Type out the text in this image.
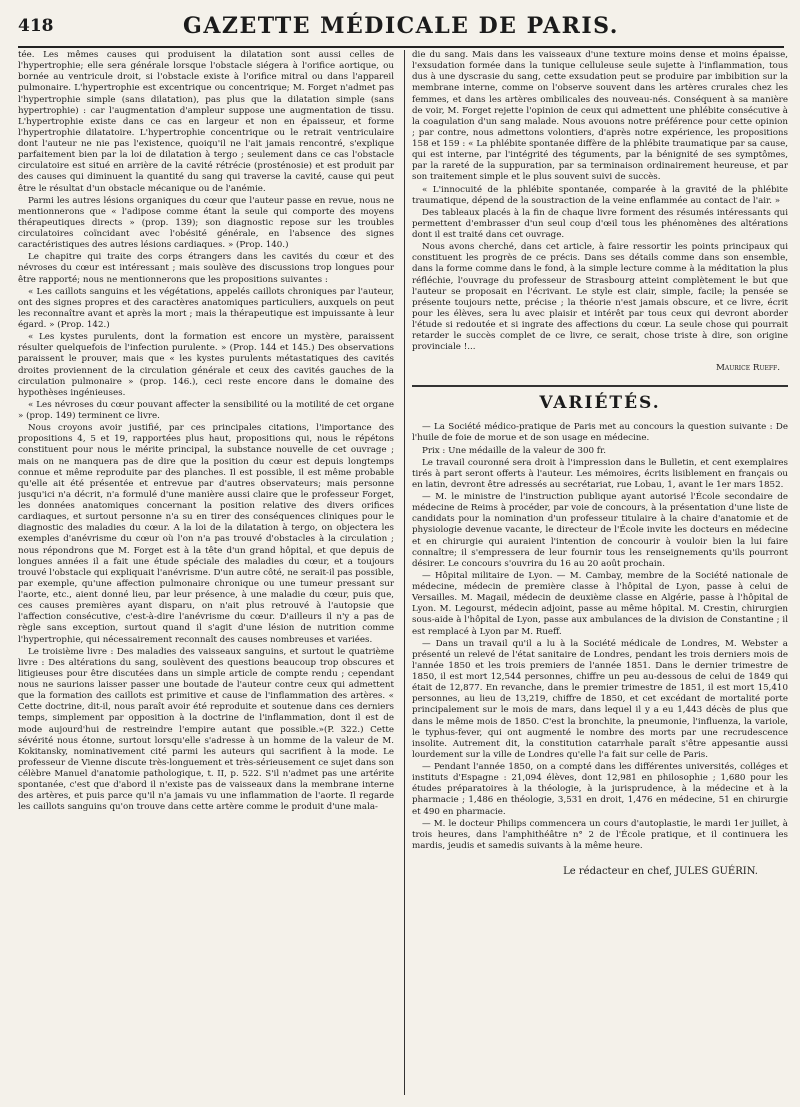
418	GAZETTE MÉDICALE DE PARIS.

tée. Les mêmes causes qui produisent la dilatation sont aussi celles de l'hypertrophie; elle sera générale lorsque l'obstacle siégera à l'orifice aortique, ou bornée au ventricule droit, si l'obstacle existe à l'orifice mitral ou dans l'appareil pulmonaire. L'hypertrophie est excentrique ou concentrique; M. Forget n'admet pas l'hypertrophie simple (sans dilatation), pas plus que la dilatation simple (sans hypertrophie) : car l'augmentation d'ampleur suppose une augmentation de tissu. L'hypertrophie existe dans ce cas en largeur et non en épaisseur, et forme l'hypertrophie dilatatoire. L'hypertrophie concentrique ou le retrait ventriculaire dont l'auteur ne nie pas l'existence, quoiqu'il ne l'ait jamais rencontré, s'explique parfaitement bien par la loi de dilatation à tergo ; seulement dans ce cas l'obstacle circulatoire est situé en arrière de la cavité rétrécie (prosténosie) et est produit par des causes qui diminuent la quantité du sang qui traverse la cavité, cause qui peut être le résultat d'un obstacle mécanique ou de l'anémie.

Parmi les autres lésions organiques du cœur que l'auteur passe en revue, nous ne mentionnerons que « l'adipose comme étant la seule qui comporte des moyens thérapeutiques directs » (prop. 139); son diagnostic repose sur les troubles circulatoires coïncidant avec l'obésité générale, en l'absence des signes caractéristiques des autres lésions cardiaques. » (Prop. 140.)

Le chapitre qui traite des corps étrangers dans les cavités du cœur et des névroses du cœur est intéressant ; mais soulève des discussions trop longues pour être rapporté; nous ne mentionnerons que les propositions suivantes :

« Les caillots sanguins et les végétations, appelés caillots chroniques par l'auteur, ont des signes propres et des caractères anatomiques particuliers, auxquels on peut les reconnaître avant et après la mort ; mais la thérapeutique est impuissante à leur égard. » (Prop. 142.)

« Les kystes purulents, dont la formation est encore un mystère, paraissent résulter quelquefois de l'infection purulente. » (Prop. 144 et 145.) Des observations paraissent le prouver, mais que « les kystes purulents métastatiques des cavités droites proviennent de la circulation générale et ceux des cavités gauches de la circulation pulmonaire » (prop. 146.), ceci reste encore dans le domaine des hypothèses ingénieuses.

« Les névroses du cœur pouvant affecter la sensibilité ou la motilité de cet organe » (prop. 149) terminent ce livre.

Nous croyons avoir justifié, par ces principales citations, l'importance des propositions 4, 5 et 19, rapportées plus haut, propositions qui, nous le répétons constituent pour nous le mérite principal, la substance nouvelle de cet ouvrage ; mais on ne manquera pas de dire que la position du cœur est depuis longtemps connue et même reproduite par des planches. Il est possible, il est même probable qu'elle ait été présentée et entrevue par d'autres observateurs; mais personne jusqu'ici n'a décrit, n'a formulé d'une manière aussi claire que le professeur Forget, les données anatomiques concernant la position relative des divers orifices cardiaques, et surtout personne n'a su en tirer des conséquences cliniques pour le diagnostic des maladies du cœur. A la loi de la dilatation à tergo, on objectera les exemples d'anévrisme du cœur où l'on n'a pas trouvé d'obstacles à la circulation ; nous répondrons que M. Forget est à la tête d'un grand hôpital, et que depuis de longues années il a fait une étude spéciale des maladies du cœur, et a toujours trouvé l'obstacle qui expliquait l'anévrisme. D'un autre côté, ne serait-il pas possible, par exemple, qu'une affection pulmonaire chronique ou une tumeur pressant sur l'aorte, etc., aient donné lieu, par leur présence, à une maladie du cœur, puis que, ces causes premières ayant disparu, on n'ait plus retrouvé à l'autopsie que l'affection consécutive, c'est-à-dire l'anévrisme du cœur. D'ailleurs il n'y a pas de règle sans exception, surtout quand il s'agit d'une lésion de nutrition comme l'hypertrophie, qui nécessairement reconnaît des causes nombreuses et variées.

Le troisième livre : Des maladies des vaisseaux sanguins, et surtout le quatrième livre : Des altérations du sang, soulèvent des questions beaucoup trop obscures et litigieuses pour être discutées dans un simple article de compte rendu ; cependant nous ne saurions laisser passer une boutade de l'auteur contre ceux qui admettent que la formation des caillots est primitive et cause de l'inflammation des artères. « Cette doctrine, dit-il, nous paraît avoir été reproduite et soutenue dans ces derniers temps, simplement par opposition à la doctrine de l'inflammation, dont il est de mode aujourd'hui de restreindre l'empire autant que possible.»(P. 322.) Cette sévérité nous étonne, surtout lorsqu'elle s'adresse à un homme de la valeur de M. Kokitansky, nominativement cité parmi les auteurs qui sacrifient à la mode. Le professeur de Vienne discute très-longuement et très-sérieusement ce sujet dans son célèbre Manuel d'anatomie pathologique, t. II, p. 522. S'il n'admet pas une artérite spontanée, c'est que d'abord il n'existe pas de vaisseaux dans la membrane interne des artères, et puis parce qu'il n'a jamais vu une inflammation de l'aorte. Il regarde les caillots sanguins qu'on trouve dans cette artère comme le produit d'une mala-

die du sang. Mais dans les vaisseaux d'une texture moins dense et moins épaisse, l'exsudation formée dans la tunique celluleuse seule sujette à l'inflammation, tous dus à une dyscrasie du sang, cette exsudation peut se produire par imbibition sur la membrane interne, comme on l'observe souvent dans les artères crurales chez les femmes, et dans les artères ombilicales des nouveau-nés. Conséquent à sa manière de voir, M. Forget rejette l'opinion de ceux qui admettent une phlébite consécutive à la coagulation d'un sang malade. Nous avouons notre préférence pour cette opinion ; par contre, nous admettons volontiers, d'après notre expérience, les propositions 158 et 159 : « La phlébite spontanée diffère de la phlébite traumatique par sa cause, qui est interne, par l'intégrité des téguments, par la bénignité de ses symptômes, par la rareté de la suppuration, par sa terminaison ordinairement heureuse, et par son traitement simple et le plus souvent suivi de succès.

« L'innocuité de la phlébite spontanée, comparée à la gravité de la phlébite traumatique, dépend de la soustraction de la veine enflammée au contact de l'air. »

Des tableaux placés à la fin de chaque livre forment des résumés intéressants qui permettent d'embrasser d'un seul coup d'œil tous les phénomènes des altérations dont il est traité dans cet ouvrage.

Nous avons cherché, dans cet article, à faire ressortir les points principaux qui constituent les progrès de ce précis. Dans ses détails comme dans son ensemble, dans la forme comme dans le fond, à la simple lecture comme à la méditation la plus réfléchie, l'ouvrage du professeur de Strasbourg atteint complètement le but que l'auteur se proposait en l'écrivant. Le style est clair, simple, facile; la pensée se présente toujours nette, précise ; la théorie n'est jamais obscure, et ce livre, écrit pour les élèves, sera lu avec plaisir et intérêt par tous ceux qui devront aborder l'étude si redoutée et si ingrate des affections du cœur. La seule chose qui pourrait retarder le succès complet de ce livre, ce serait, chose triste à dire, son origine provinciale !...

Maurice Rueff.
VARIÉTÉS.

— La Société médico-pratique de Paris met au concours la question suivante : De l'huile de foie de morue et de son usage en médecine.

Prix : Une médaille de la valeur de 300 fr.

Le travail couronné sera droit à l'impression dans le Bulletin, et cent exemplaires tirés à part seront offerts à l'auteur. Les mémoires, écrits lisiblement en français ou en latin, devront être adressés au secrétariat, rue Lobau, 1, avant le 1er mars 1852.

— M. le ministre de l'instruction publique ayant autorisé l'École secondaire de médecine de Reims à procéder, par voie de concours, à la présentation d'une liste de candidats pour la nomination d'un professeur titulaire à la chaire d'anatomie et de physiologie devenue vacante, le directeur de l'École invite les docteurs en médecine et en chirurgie qui auraient l'intention de concourir à vouloir bien la lui faire connaître; il s'empressera de leur fournir tous les renseignements qu'ils pourront désirer. Le concours s'ouvrira du 16 au 20 août prochain.

— Hôpital militaire de Lyon. — M. Cambay, membre de la Société nationale de médecine, médecin de première classe à l'hôpital de Lyon, passe à celui de Versailles. M. Magail, médecin de deuxième classe en Algérie, passe à l'hôpital de Lyon. M. Legourst, médecin adjoint, passe au même hôpital. M. Crestin, chirurgien sous-aide à l'hôpital de Lyon, passe aux ambulances de la division de Constantine ; il est remplacé à Lyon par M. Rueff.

— Dans un travail qu'il a lu à la Société médicale de Londres, M. Webster a présenté un relevé de l'état sanitaire de Londres, pendant les trois derniers mois de l'année 1850 et les trois premiers de l'année 1851. Dans le dernier trimestre de 1850, il est mort 12,544 personnes, chiffre un peu au-dessous de celui de 1849 qui était de 12,877. En revanche, dans le premier trimestre de 1851, il est mort 15,410 personnes, au lieu de 13,219, chiffre de 1850, et cet excédant de mortalité porte principalement sur le mois de mars, dans lequel il y a eu 1,443 décès de plus que dans le même mois de 1850. C'est la bronchite, la pneumonie, l'influenza, la variole, le typhus-fever, qui ont augmenté le nombre des morts par une recrudescence insolite. Autrement dit, la constitution catarrhale paraît s'être appesantie aussi lourdement sur la ville de Londres qu'elle l'a fait sur celle de Paris.

— Pendant l'année 1850, on a compté dans les différentes universités, colléges et instituts d'Espagne : 21,094 élèves, dont 12,981 en philosophie ; 1,680 pour les études préparatoires à la théologie, à la jurisprudence, à la médecine et à la pharmacie ; 1,486 en théologie, 3,531 en droit, 1,476 en médecine, 51 en chirurgie et 490 en pharmacie.

— M. le docteur Philips commencera un cours d'autoplastie, le mardi 1er juillet, à trois heures, dans l'amphithéâtre n° 2 de l'École pratique, et il continuera les mardis, jeudis et samedis suivants à la même heure.

Le rédacteur en chef, JULES GUÉRIN.
